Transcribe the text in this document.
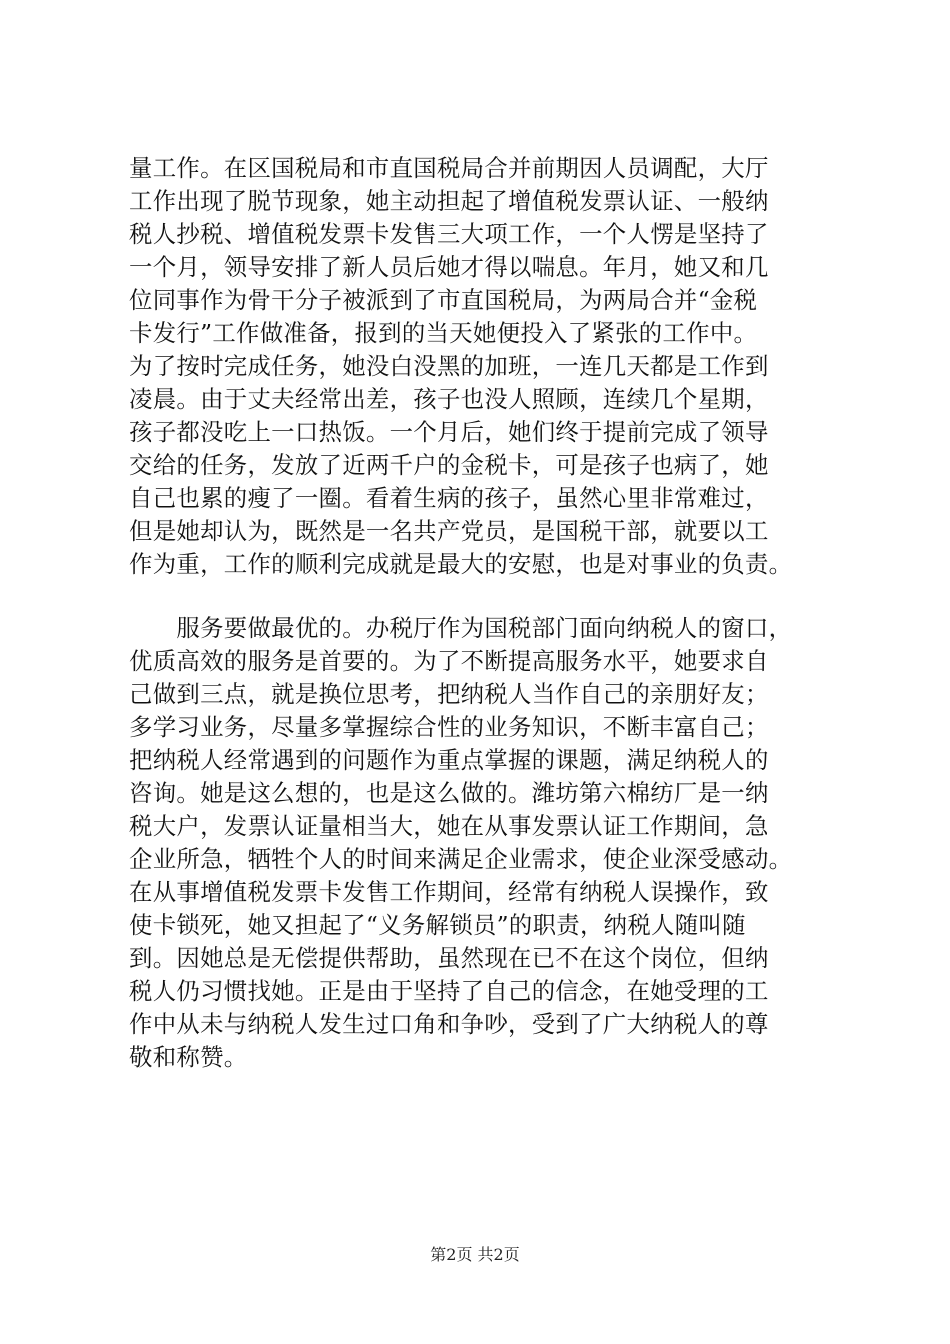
量工作。在区国税局和市直国税局合并前期因人员调配，大厅
工作出现了脱节现象，她主动担起了增值税发票认证、一般纳
税人抄税、增值税发票卡发售三大项工作，一个人愣是坚持了
一个月，领导安排了新人员后她才得以喘息。年月，她又和几
位同事作为骨干分子被派到了市直国税局，为两局合并“金税
卡发行”工作做准备，报到的当天她便投入了紧张的工作中。
为了按时完成任务，她没白没黑的加班，一连几天都是工作到
凌晨。由于丈夫经常出差，孩子也没人照顾，连续几个星期，
孩子都没吃上一口热饭。一个月后，她们终于提前完成了领导
交给的任务，发放了近两千户的金税卡，可是孩子也病了，她
自己也累的瘦了一圈。看着生病的孩子，虽然心里非常难过，
但是她却认为，既然是一名共产党员，是国税干部，就要以工
作为重，工作的顺利完成就是最大的安慰，也是对事业的负责。
　　服务要做最优的。办税厅作为国税部门面向纳税人的窗口，
优质高效的服务是首要的。为了不断提高服务水平，她要求自
己做到三点，就是换位思考，把纳税人当作自己的亲朋好友；
多学习业务，尽量多掌握综合性的业务知识，不断丰富自己；
把纳税人经常遇到的问题作为重点掌握的课题，满足纳税人的
咨询。她是这么想的，也是这么做的。潍坊第六棉纺厂是一纳
税大户，发票认证量相当大，她在从事发票认证工作期间，急
企业所急，牺牲个人的时间来满足企业需求，使企业深受感动。
在从事增值税发票卡发售工作期间，经常有纳税人误操作，致
使卡锁死，她又担起了“义务解锁员”的职责，纳税人随叫随
到。因她总是无偿提供帮助，虽然现在已不在这个岗位，但纳
税人仍习惯找她。正是由于坚持了自己的信念，在她受理的工
作中从未与纳税人发生过口角和争吵，受到了广大纳税人的尊
敬和称赞。
第2页 共2页
